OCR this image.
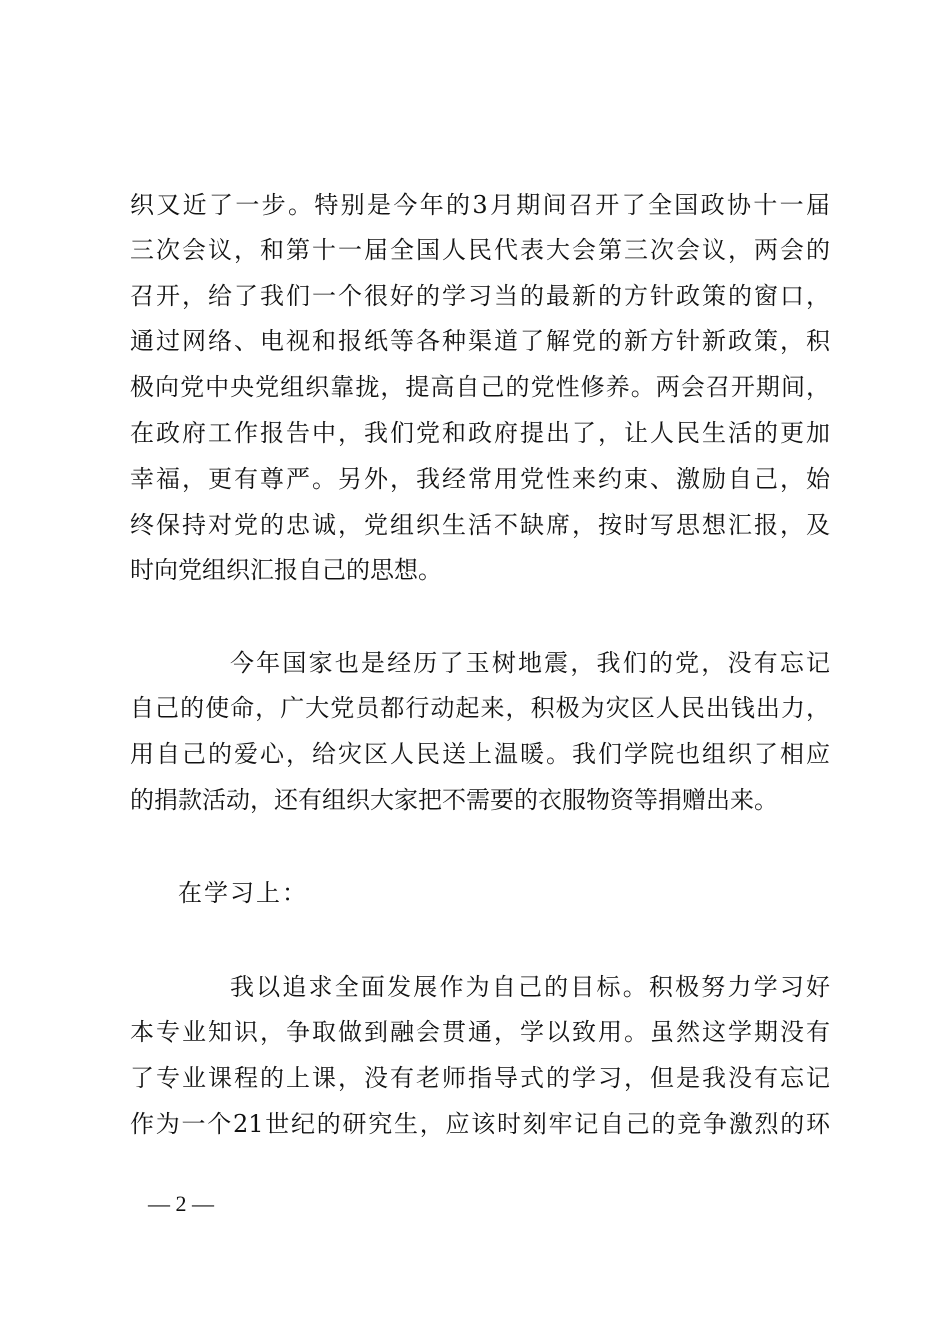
织又近了一步。特别是今年的3月期间召开了全国政协十一届
三次会议，和第十一届全国人民代表大会第三次会议，两会的
召开，给了我们一个很好的学习当的最新的方针政策的窗口，
通过网络、电视和报纸等各种渠道了解党的新方针新政策，积
极向党中央党组织靠拢，提高自己的党性修养。两会召开期间，
在政府工作报告中，我们党和政府提出了，让人民生活的更加
幸福，更有尊严。另外，我经常用党性来约束、激励自己，始
终保持对党的忠诚，党组织生活不缺席，按时写思想汇报，及
时向党组织汇报自己的思想。
今年国家也是经历了玉树地震，我们的党，没有忘记
自己的使命，广大党员都行动起来，积极为灾区人民出钱出力，
用自己的爱心，给灾区人民送上温暖。我们学院也组织了相应
的捐款活动，还有组织大家把不需要的衣服物资等捐赠出来。
在学习上：
我以追求全面发展作为自己的目标。积极努力学习好
本专业知识，争取做到融会贯通，学以致用。虽然这学期没有
了专业课程的上课，没有老师指导式的学习，但是我没有忘记
作为一个21世纪的研究生，应该时刻牢记自己的竞争激烈的环
— 2 —
